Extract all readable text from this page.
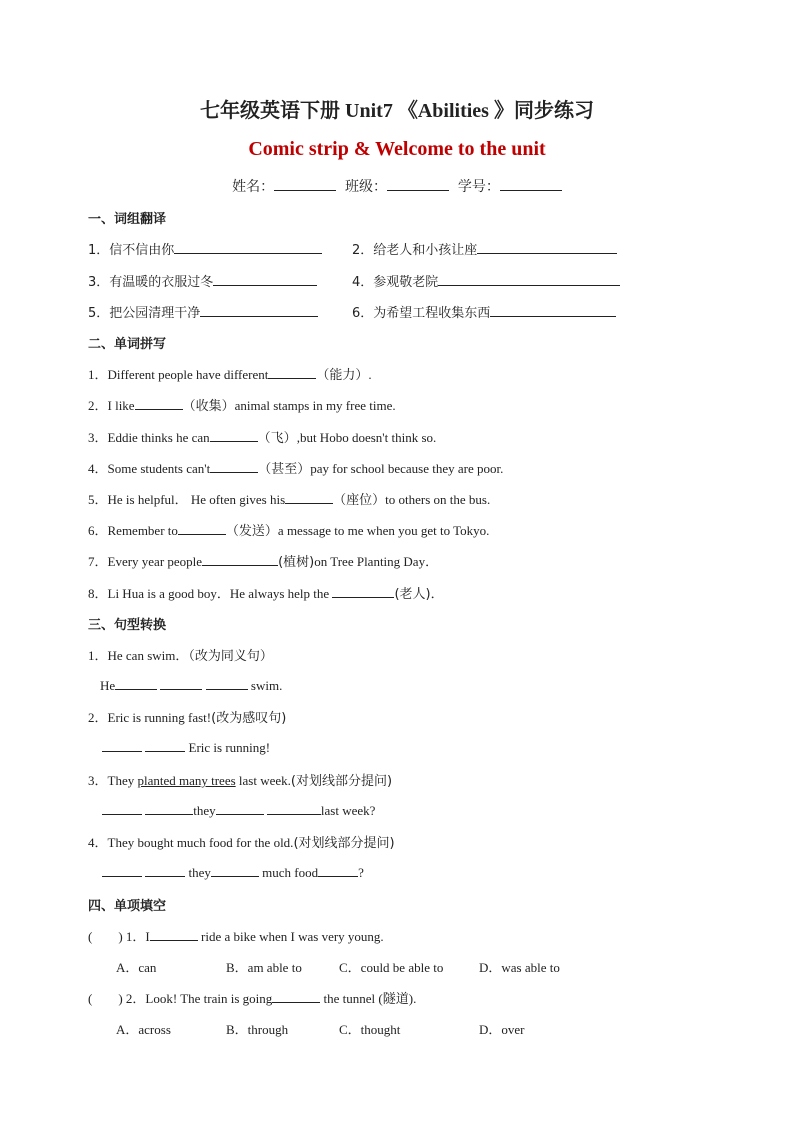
七年级英语下册 Unit7 《Abilities 》同步练习
Comic strip & Welcome to the unit
姓名：	班级：	学号：
一、词组翻译
1．信不信由你	2．给老人和小孩让座
3．有温暖的衣服过冬	4．参观敬老院
5．把公园清理干净	6．为希望工程收集东西
二、单词拼写
1．Different people have different	（能力）.
2．I like	（收集）animal stamps in my free time.
3．Eddie thinks he can	（飞）,but Hobo doesn't think so.
4．Some students can't	（甚至）pay for school because they are poor.
5．He is helpful． He often gives his	（座位）to others on the bus.
6．Remember to	（发送）a message to me when you get to Tokyo.
7．Every year people	(植树)on Tree Planting Day．
8．Li Hua is a good boy．He always help the	(老人)．
三、句型转换
1．He can swim．（改为同义句）
He	swim.
2．Eric is running fast!(改为感叹句)
Eric is running!
3．They planted many trees last week.(对划线部分提问)
they	last week?
4．They bought much food for the old.(对划线部分提问)
they	much food	?
四、单项填空
(　　) 1．I	ride a bike when I was very young.
A．can	B．am able to	C．could be able to	D．was able to
(　　) 2．Look! The train is going	the tunnel (隧道).
A．across	B．through	C．thought	D．over
